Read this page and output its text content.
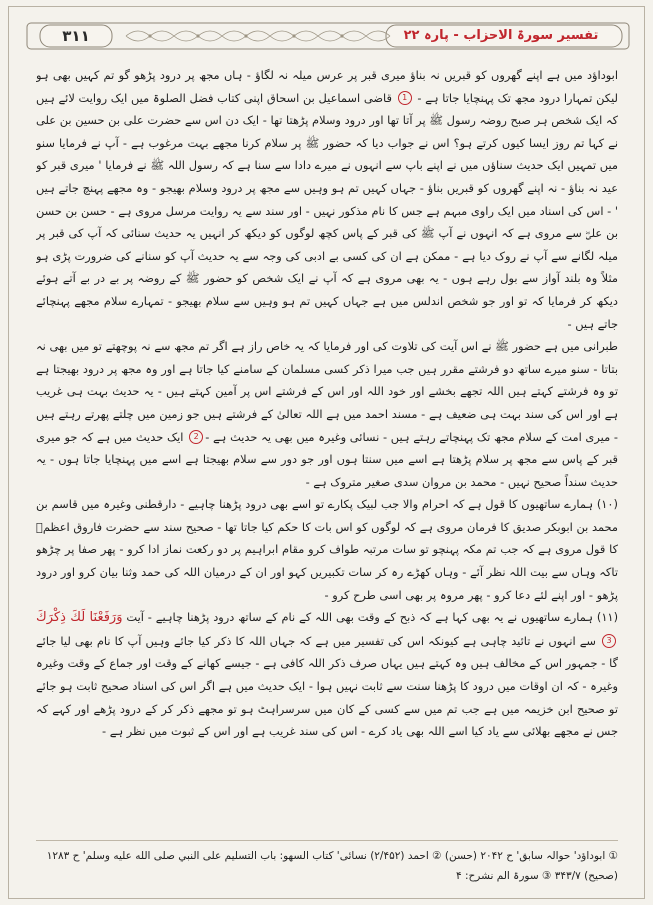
۳۱۱	تفسیر سورۃ الاحزاب - پارہ ۲۲

ابوداؤد میں ہے اپنے گھروں کو قبریں نہ بناؤ میری قبر پر عرس میلہ نہ لگاؤ - ہاں مجھ پر درود پڑھو گو تم کہیں بھی ہو لیکن تمہارا درود مجھ تک پہنچایا جاتا ہے - 1 قاضی اسماعیل بن اسحاق اپنی کتاب فضل الصلوۃ میں ایک روایت لائے ہیں کہ ایک شخص ہر صبح روضہ رسول ﷺ پر آتا تھا اور درود وسلام پڑھتا تھا - ایک دن اس سے حضرت علی بن حسین بن علی نے کہا تم روز ایسا کیوں کرتے ہو؟ اس نے جواب دیا کہ حضور ﷺ پر سلام کرنا مجھے بہت مرغوب ہے - آپ نے فرمایا سنو میں تمہیں ایک حدیث سناؤں میں نے اپنے باپ سے انہوں نے میرے دادا سے سنا ہے کہ رسول اللہ ﷺ نے فرمایا ' میری قبر کو عید نہ بناؤ - نہ اپنے گھروں کو قبریں بناؤ - جہاں کہیں تم ہو وہیں سے مجھ پر درود وسلام بھیجو - وہ مجھے پہنچ جاتے ہیں ' - اس کی اسناد میں ایک راوی مبہم ہے جس کا نام مذکور نہیں - اور سند سے یہ روایت مرسل مروی ہے - حسن بن حسن بن علیؓ سے مروی ہے کہ انہوں نے آپ ﷺ کی قبر کے پاس کچھ لوگوں کو دیکھ کر انہیں یہ حدیث سنائی کہ آپ کی قبر پر میلہ لگانے سے آپ نے روک دیا ہے - ممکن ہے ان کی کسی بے ادبی کی وجہ سے یہ حدیث آپ کو سنانے کی ضرورت پڑی ہو مثلاً وہ بلند آواز سے بول رہے ہوں - یہ بھی مروی ہے کہ آپ نے ایک شخص کو حضور ﷺ کے روضہ پر بے در بے آتے ہوئے دیکھ کر فرمایا کہ تو اور جو شخص اندلس میں ہے جہاں کہیں تم ہو وہیں سے سلام بھیجو - تمہارے سلام مجھے پہنچائے جاتے ہیں -

طبرانی میں ہے حضور ﷺ نے اس آیت کی تلاوت کی اور فرمایا کہ یہ خاص راز ہے اگر تم مجھ سے نہ پوچھتے تو میں بھی نہ بتاتا - سنو میرے ساتھ دو فرشتے مقرر ہیں جب میرا ذکر کسی مسلمان کے سامنے کیا جاتا ہے اور وہ مجھ پر درود بھیجتا ہے تو وہ فرشتے کہتے ہیں اللہ تجھے بخشے اور خود اللہ اور اس کے فرشتے اس پر آمین کہتے ہیں - یہ حدیث بہت ہی غریب ہے اور اس کی سند بہت ہی ضعیف ہے - مسند احمد میں ہے اللہ تعالیٰ کے فرشتے ہیں جو زمین میں چلتے پھرتے رہتے ہیں - میری امت کے سلام مجھ تک پہنچاتے رہتے ہیں - نسائی وغیرہ میں بھی یہ حدیث ہے -2 ایک حدیث میں ہے کہ جو میری قبر کے پاس سے مجھ پر سلام پڑھتا ہے اسے میں سنتا ہوں اور جو دور سے سلام بھیجتا ہے اسے میں پہنچایا جاتا ہوں - یہ حدیث سنداً صحیح نہیں - محمد بن مروان سدی صغیر متروک ہے -

(۱۰) ہمارے ساتھیوں کا قول ہے کہ احرام والا جب لبیک پکارے تو اسے بھی درود پڑھنا چاہیے - دارقطنی وغیرہ میں قاسم بن محمد بن ابوبکر صدیق کا فرمان مروی ہے کہ لوگوں کو اس بات کا حکم کیا جاتا تھا - صحیح سند سے حضرت فاروق اعظمؓ کا قول مروی ہے کہ جب تم مکہ پہنچو تو سات مرتبہ طواف کرو مقام ابراہیم پر دو رکعت نماز ادا کرو - پھر صفا پر چڑھو تاکہ وہاں سے بیت اللہ نظر آئے - وہاں کھڑے رہ کر سات تکبیریں کہو اور ان کے درمیان اللہ کی حمد وثنا بیان کرو اور درود پڑھو - اور اپنے لئے دعا کرو - پھر مروہ پر بھی اسی طرح کرو -

(۱۱) ہمارے ساتھیوں نے یہ بھی کہا ہے کہ ذبح کے وقت بھی اللہ کے نام کے ساتھ درود پڑھنا چاہیے - آیت وَرَفَعْنَا لَكَ ذِكْرَكَ3 سے انہوں نے تائید چاہی ہے کیونکہ اس کی تفسیر میں ہے کہ جہاں اللہ کا ذکر کیا جائے وہیں آپ کا نام بھی لیا جائے گا - جمہور اس کے مخالف ہیں وہ کہتے ہیں یہاں صرف ذکر اللہ کافی ہے - جیسے کھانے کے وقت اور جماع کے وقت وغیرہ وغیرہ - کہ ان اوقات میں درود کا پڑھنا سنت سے ثابت نہیں ہوا - ایک حدیث میں ہے اگر اس کی اسناد صحیح ثابت ہو جائے تو صحیح ابن خزیمہ میں ہے جب تم میں سے کسی کے کان میں سرسراہٹ ہو تو مجھے ذکر کر کے درود پڑھے اور کہے کہ جس نے مجھے بھلائی سے یاد کیا اسے اللہ بھی یاد کرے - اس کی سند غریب ہے اور اس کے ثبوت میں نظر ہے -

① ابوداؤد' حوالہ سابق' ح ۲۰۴۲ (حسن) ② احمد (۲/۴۵۲) نسائی' کتاب السهو: باب التسليم على النبي صلى الله عليه وسلم' ح ۱۲۸۳ (صحيح) ۳۴۳/۷ ③ سورۃ الم نشرح: ۴
